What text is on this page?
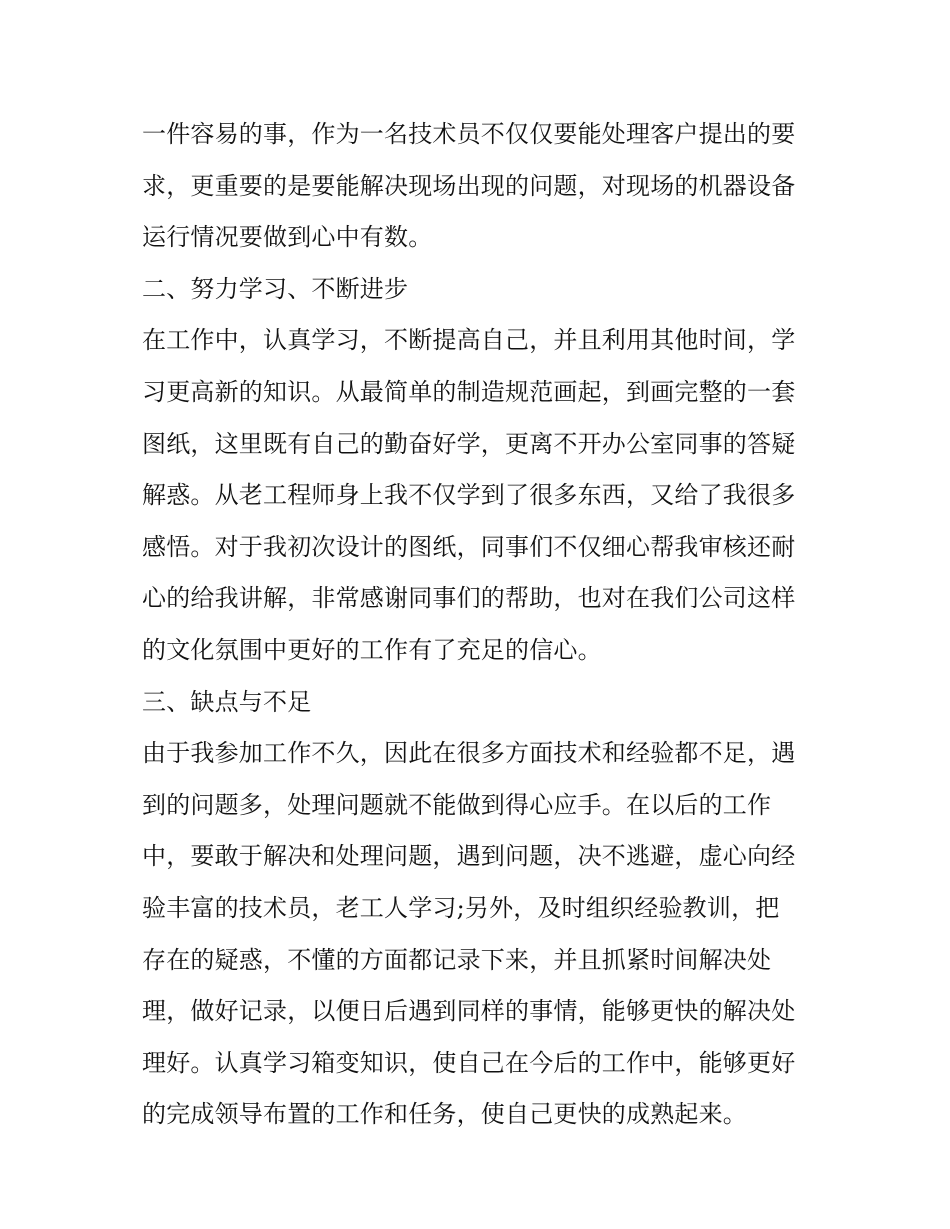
一件容易的事，作为一名技术员不仅仅要能处理客户提出的要
求，更重要的是要能解决现场出现的问题，对现场的机器设备
运行情况要做到心中有数。
二、努力学习、不断进步
在工作中，认真学习，不断提高自己，并且利用其他时间，学
习更高新的知识。从最简单的制造规范画起，到画完整的一套
图纸，这里既有自己的勤奋好学，更离不开办公室同事的答疑
解惑。从老工程师身上我不仅学到了很多东西，又给了我很多
感悟。对于我初次设计的图纸，同事们不仅细心帮我审核还耐
心的给我讲解，非常感谢同事们的帮助，也对在我们公司这样
的文化氛围中更好的工作有了充足的信心。
三、缺点与不足
由于我参加工作不久，因此在很多方面技术和经验都不足，遇
到的问题多，处理问题就不能做到得心应手。在以后的工作
中，要敢于解决和处理问题，遇到问题，决不逃避，虚心向经
验丰富的技术员，老工人学习;另外，及时组织经验教训，把
存在的疑惑，不懂的方面都记录下来，并且抓紧时间解决处
理，做好记录，以便日后遇到同样的事情，能够更快的解决处
理好。认真学习箱变知识，使自己在今后的工作中，能够更好
的完成领导布置的工作和任务，使自己更快的成熟起来。
